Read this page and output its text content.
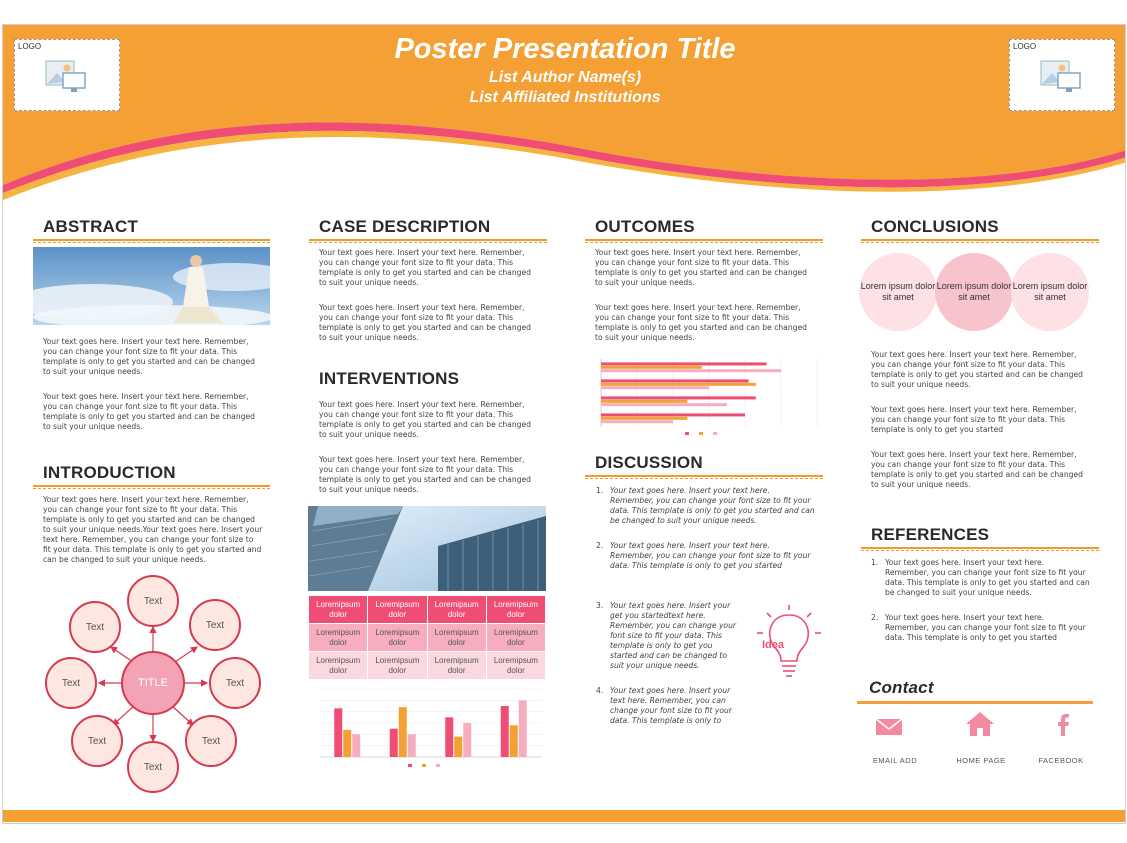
LOGO	LOGO
Poster Presentation Title
List Author Name(s)
List Affiliated Institutions
ABSTRACT
Your text goes here. Insert your text here. Remember, you can change your font size to fit your data. This template is only to get you started and can be changed to suit your unique needs.
Your text goes here. Insert your text here. Remember, you can change your font size to fit your data. This template is only to get you started and can be changed to suit your unique needs.
INTRODUCTION
Your text goes here. Insert your text here. Remember, you can change your font size to fit your data. This template is only to get you started and can be changed to suit your unique needs.Your text goes here. Insert your text here. Remember, you can change your font size to fit your data. This template is only to get you started and can be changed to suit your unique needs.
TITLE
Text
Text	Text
Text	Text
Text	Text
Text
CASE DESCRIPTION
Your text goes here. Insert your text here. Remember, you can change your font size to fit your data. This template is only to get you started and can be changed to suit your unique needs.
Your text goes here. Insert your text here. Remember, you can change your font size to fit your data. This template is only to get you started and can be changed to suit your unique needs.
INTERVENTIONS
Your text goes here. Insert your text here. Remember, you can change your font size to fit your data. This template is only to get you started and can be changed to suit your unique needs.
Your text goes here. Insert your text here. Remember, you can change your font size to fit your data. This template is only to get you started and can be changed to suit your unique needs.
Loremipsum dolor	Loremipsum dolor	Loremipsum dolor	Loremipsum dolor
Loremipsum dolor	Loremipsum dolor	Loremipsum dolor	Loremipsum dolor
Loremipsum dolor	Loremipsum dolor	Loremipsum dolor	Loremipsum dolor
OUTCOMES
Your text goes here. Insert your text here. Remember, you can change your font size to fit your data. This template is only to get you started and can be changed to suit your unique needs.
Your text goes here. Insert your text here. Remember, you can change your font size to fit your data. This template is only to get you started and can be changed to suit your unique needs.
DISCUSSION
1. Your text goes here. Insert your text here. Remember, you can change your font size to fit your data. This template is only to get you started and can be changed to suit your unique needs.
2. Your text goes here. Insert your text here. Remember, you can change your font size to fit your data. This template is only to get you started
3. Your text goes here. Insert your get you startedtext here. Remember, you can change your font size to fit your data. This template is only to get you started and can be changed to suit your unique needs.
4. Your text goes here. Insert your text here. Remember, you can change your font size to fit your data. This template is only to
Idea
CONCLUSIONS
Lorem ipsum dolor sit amet
Lorem ipsum dolor sit amet
Lorem ipsum dolor sit amet
Your text goes here. Insert your text here. Remember, you can change your font size to fit your data. This template is only to get you started and can be changed to suit your unique needs.
Your text goes here. Insert your text here. Remember, you can change your font size to fit your data. This template is only to get you started
Your text goes here. Insert your text here. Remember, you can change your font size to fit your data. This template is only to get you started and can be changed to suit your unique needs.
REFERENCES
1. Your text goes here. Insert your text here. Remember, you can change your font size to fit your data. This template is only to get you started and can be changed to suit your unique needs.
2. Your text goes here. Insert your text here. Remember, you can change your font size to fit your data. This template is only to get you started
Contact
EMAIL ADD	HOME PAGE	FACEBOOK
